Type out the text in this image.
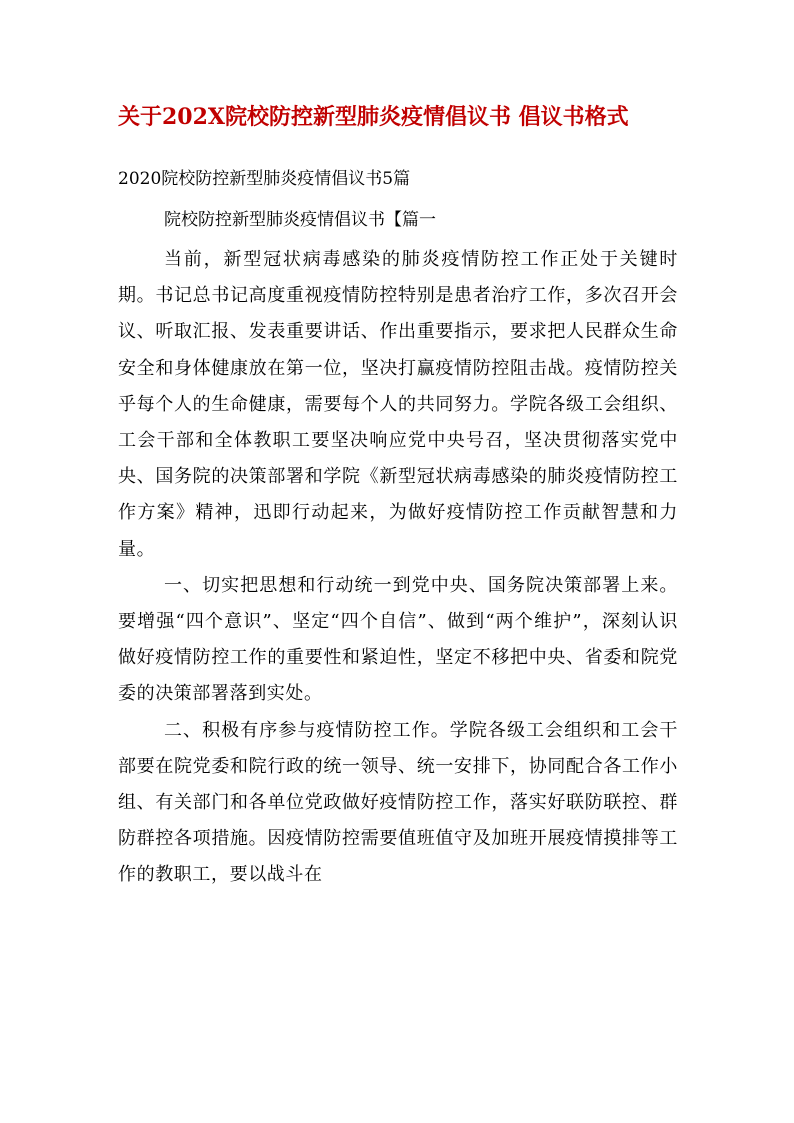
关于202X院校防控新型肺炎疫情倡议书 倡议书格式

2020院校防控新型肺炎疫情倡议书5篇

院校防控新型肺炎疫情倡议书【篇一

当前，新型冠状病毒感染的肺炎疫情防控工作正处于关键时期。书记总书记高度重视疫情防控特别是患者治疗工作，多次召开会议、听取汇报、发表重要讲话、作出重要指示，要求把人民群众生命安全和身体健康放在第一位，坚决打赢疫情防控阻击战。疫情防控关乎每个人的生命健康，需要每个人的共同努力。学院各级工会组织、工会干部和全体教职工要坚决响应党中央号召，坚决贯彻落实党中央、国务院的决策部署和学院《新型冠状病毒感染的肺炎疫情防控工作方案》精神，迅即行动起来，为做好疫情防控工作贡献智慧和力量。

一、切实把思想和行动统一到党中央、国务院决策部署上来。要增强“四个意识”、坚定“四个自信”、做到“两个维护”，深刻认识做好疫情防控工作的重要性和紧迫性，坚定不移把中央、省委和院党委的决策部署落到实处。

二、积极有序参与疫情防控工作。学院各级工会组织和工会干部要在院党委和院行政的统一领导、统一安排下，协同配合各工作小组、有关部门和各单位党政做好疫情防控工作，落实好联防联控、群防群控各项措施。因疫情防控需要值班值守及加班开展疫情摸排等工作的教职工，要以战斗在
